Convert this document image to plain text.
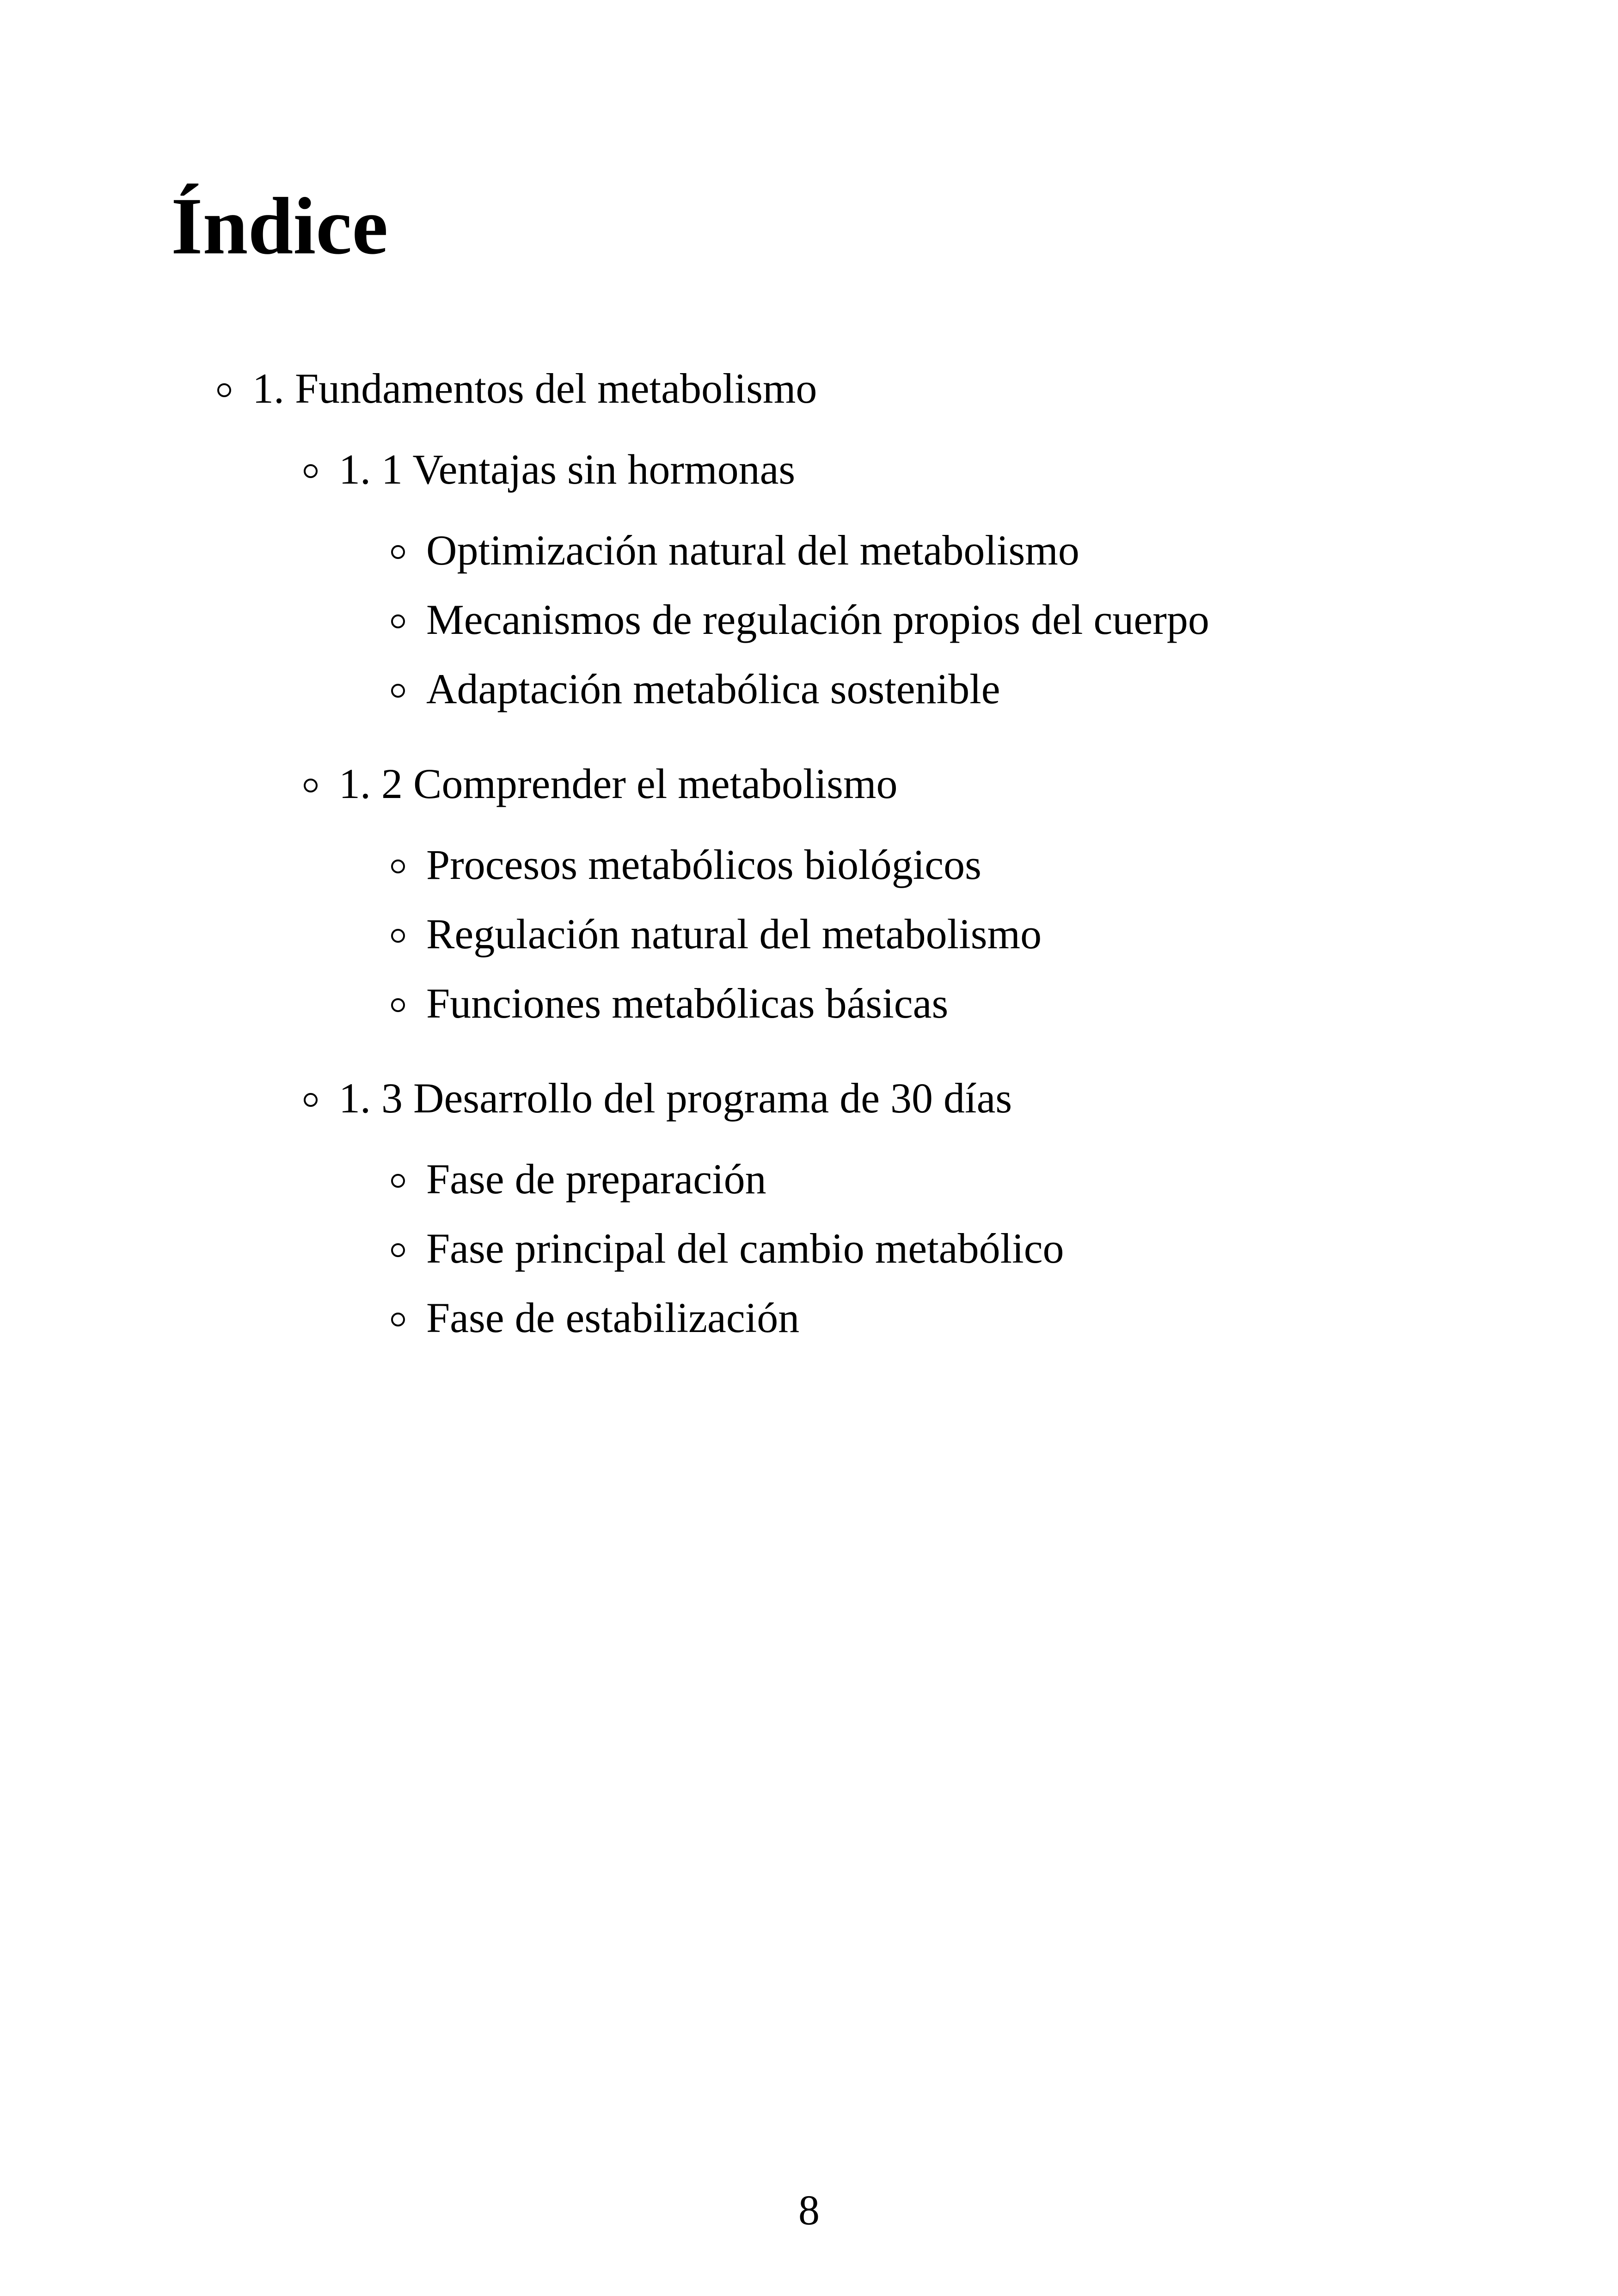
Índice
1. Fundamentos del metabolismo
1. 1 Ventajas sin hormonas
Optimización natural del metabolismo
Mecanismos de regulación propios del cuerpo
Adaptación metabólica sostenible
1. 2 Comprender el metabolismo
Procesos metabólicos biológicos
Regulación natural del metabolismo
Funciones metabólicas básicas
1. 3 Desarrollo del programa de 30 días
Fase de preparación
Fase principal del cambio metabólico
Fase de estabilización
8
